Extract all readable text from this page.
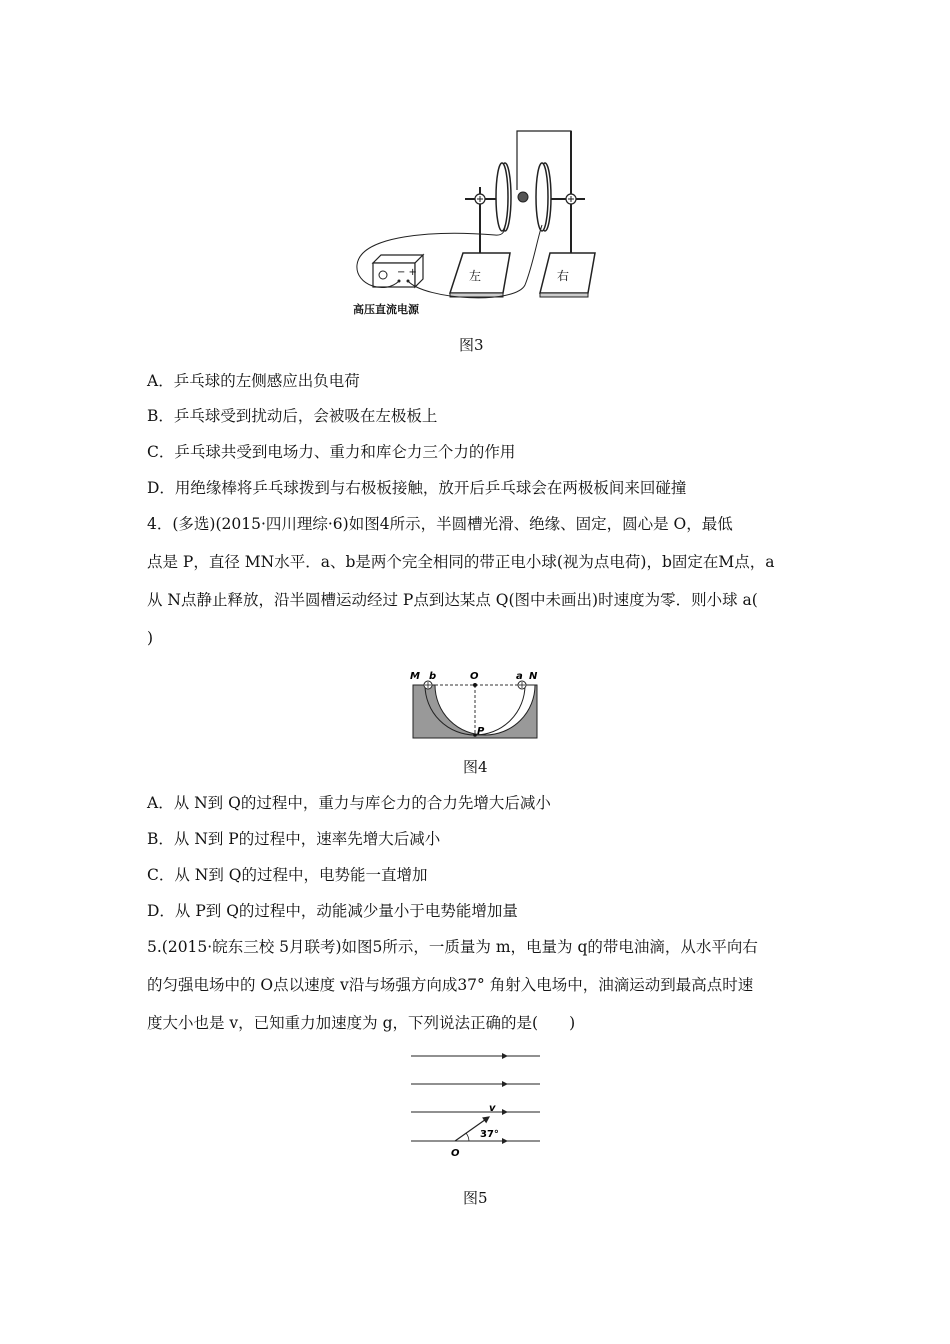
− +	左	右
高压直流电源
图3
A．乒乓球的左侧感应出负电荷
B．乒乓球受到扰动后，会被吸在左极板上
C．乒乓球共受到电场力、重力和库仑力三个力的作用
D．用绝缘棒将乒乓球拨到与右极板接触，放开后乒乓球会在两极板间来回碰撞
4．(多选)(2015·四川理综·6)如图4所示，半圆槽光滑、绝缘、固定，圆心是 O，最低
点是 P，直径 MN水平．a、b是两个完全相同的带正电小球(视为点电荷)，b固定在M点，a
从 N点静止释放，沿半圆槽运动经过 P点到达某点 Q(图中未画出)时速度为零．则小球 a(
)
M b	O	a N
P
图4
A．从 N到 Q的过程中，重力与库仑力的合力先增大后减小
B．从 N到 P的过程中，速率先增大后减小
C．从 N到 Q的过程中，电势能一直增加
D．从 P到 Q的过程中，动能减少量小于电势能增加量
5.(2015·皖东三校 5月联考)如图5所示，一质量为 m，电量为 q的带电油滴，从水平向右
的匀强电场中的 O点以速度 v沿与场强方向成37° 角射入电场中，油滴运动到最高点时速
度大小也是 v，已知重力加速度为 g，下列说法正确的是(　　)
v
37°
O
图5
